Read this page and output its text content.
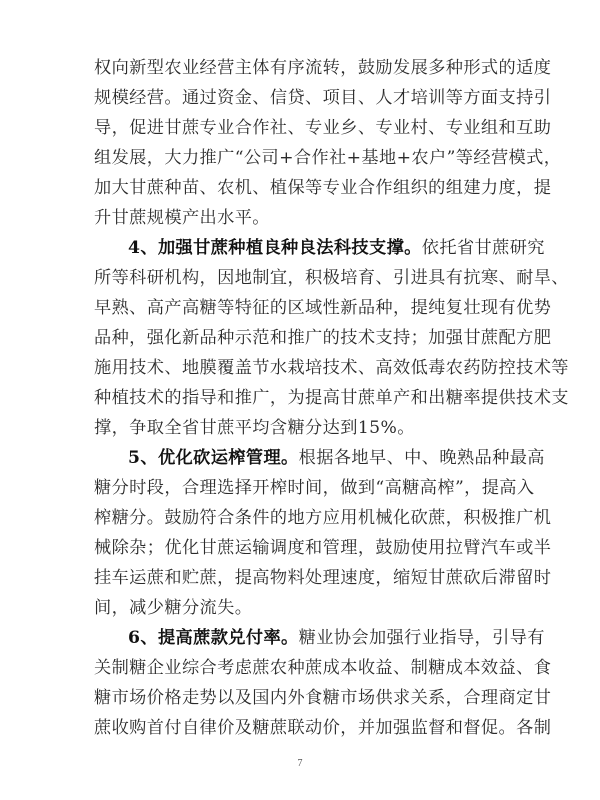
权向新型农业经营主体有序流转，鼓励发展多种形式的适度
规模经营。通过资金、信贷、项目、人才培训等方面支持引
导，促进甘蔗专业合作社、专业乡、专业村、专业组和互助
组发展，大力推广“公司+合作社+基地+农户”等经营模式，
加大甘蔗种苗、农机、植保等专业合作组织的组建力度，提
升甘蔗规模产出水平。
4、加强甘蔗种植良种良法科技支撑。依托省甘蔗研究
所等科研机构，因地制宜，积极培育、引进具有抗寒、耐旱、
早熟、高产高糖等特征的区域性新品种，提纯复壮现有优势
品种，强化新品种示范和推广的技术支持；加强甘蔗配方肥
施用技术、地膜覆盖节水栽培技术、高效低毒农药防控技术等
种植技术的指导和推广，为提高甘蔗单产和出糖率提供技术支
撑，争取全省甘蔗平均含糖分达到15%。
5、优化砍运榨管理。根据各地早、中、晚熟品种最高
糖分时段，合理选择开榨时间，做到“高糖高榨”，提高入
榨糖分。鼓励符合条件的地方应用机械化砍蔗，积极推广机
械除杂；优化甘蔗运输调度和管理，鼓励使用拉臂汽车或半
挂车运蔗和贮蔗，提高物料处理速度，缩短甘蔗砍后滞留时
间，减少糖分流失。
6、提高蔗款兑付率。糖业协会加强行业指导，引导有
关制糖企业综合考虑蔗农种蔗成本收益、制糖成本效益、食
糖市场价格走势以及国内外食糖市场供求关系，合理商定甘
蔗收购首付自律价及糖蔗联动价，并加强监督和督促。各制
7
